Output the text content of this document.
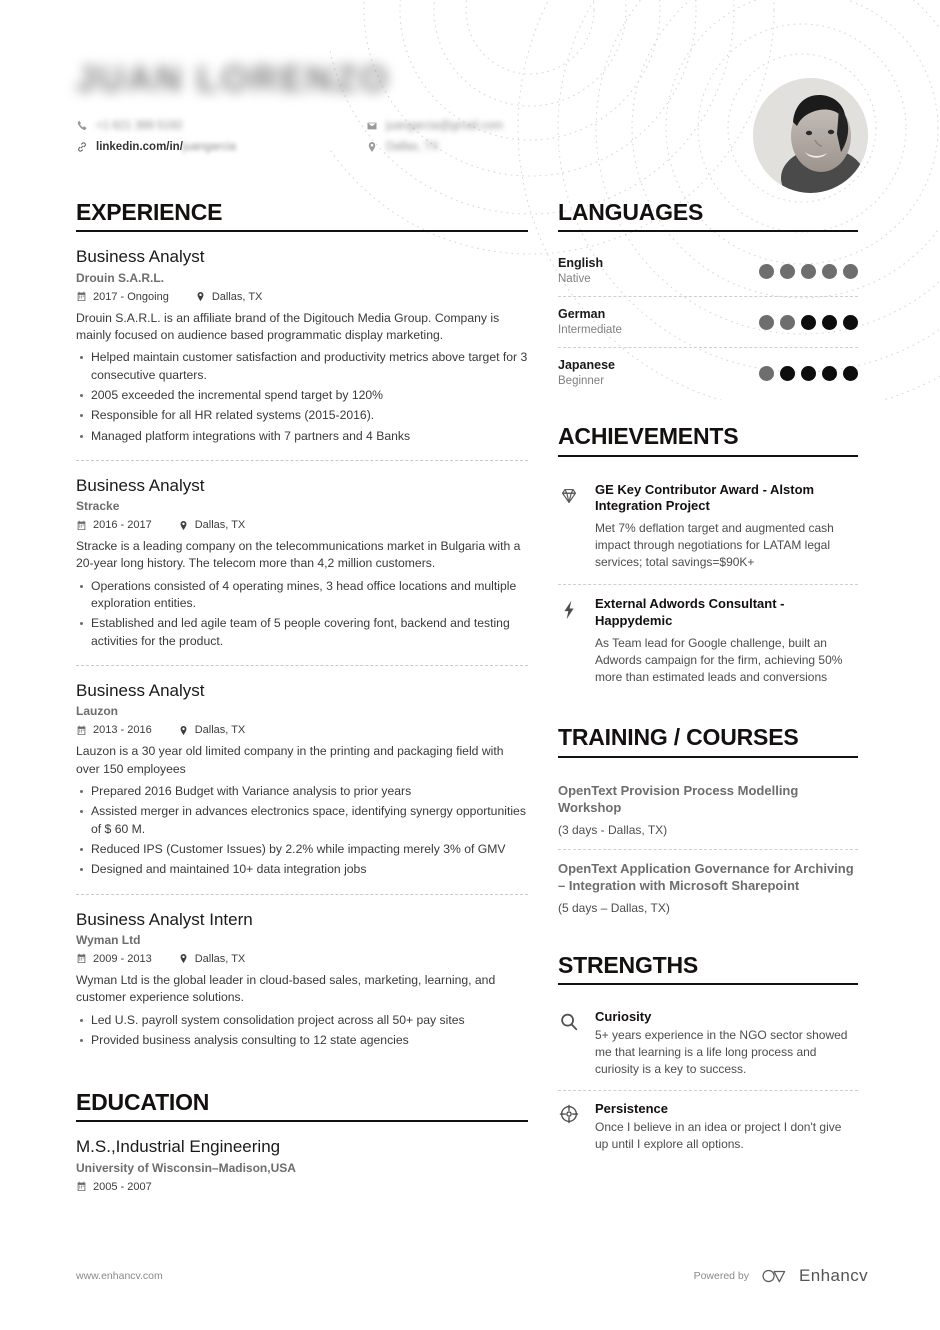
JUAN LORENZO
+1 621 389 5192	juangarcia@gmail.com
linkedin.com/in/ juangarcia	Dallas, TX
EXPERIENCE
Business Analyst
Drouin S.A.R.L.
2017 - Ongoing	Dallas, TX
Drouin S.A.R.L. is an affiliate brand of the Digitouch Media Group. Company is mainly focused on audience based programmatic display marketing.
Helped maintain customer satisfaction and productivity metrics above target for 3 consecutive quarters.
2005 exceeded the incremental spend target by 120%
Responsible for all HR related systems (2015-2016).
Managed platform integrations with 7 partners and 4 Banks
Business Analyst
Stracke
2016 - 2017	Dallas, TX
Stracke is a leading company on the telecommunications market in Bulgaria with a 20-year long history. The telecom more than 4,2 million customers.
Operations consisted of 4 operating mines, 3 head office locations and multiple exploration entities.
Established and led agile team of 5 people covering font, backend and testing activities for the product.
Business Analyst
Lauzon
2013 - 2016	Dallas, TX
Lauzon is a 30 year old limited company in the printing and packaging field with over 150 employees
Prepared 2016 Budget with Variance analysis to prior years
Assisted merger in advances electronics space, identifying synergy opportunities of $ 60 M.
Reduced IPS (Customer Issues) by 2.2% while impacting merely 3% of GMV
Designed and maintained 10+ data integration jobs
Business Analyst Intern
Wyman Ltd
2009 - 2013	Dallas, TX
Wyman Ltd is the global leader in cloud-based sales, marketing, learning, and customer experience solutions.
Led U.S. payroll system consolidation project across all 50+ pay sites
Provided business analysis consulting to 12 state agencies
EDUCATION
M.S.,Industrial Engineering
University of Wisconsin–Madison,USA
2005 - 2007
LANGUAGES
English
Native
German
Intermediate
Japanese
Beginner
ACHIEVEMENTS
GE Key Contributor Award - Alstom Integration Project
Met 7% deflation target and augmented cash impact through negotiations for LATAM legal services; total savings=$90K+
External Adwords Consultant - Happydemic
As Team lead for Google challenge, built an Adwords campaign for the firm, achieving 50% more than estimated leads and conversions
TRAINING / COURSES
OpenText Provision Process Modelling Workshop
(3 days - Dallas, TX)
OpenText Application Governance for Archiving – Integration with Microsoft Sharepoint
(5 days – Dallas, TX)
STRENGTHS
Curiosity
5+ years experience in the NGO sector showed me that learning is a life long process and curiosity is a key to success.
Persistence
Once I believe in an idea or project I don't give up until I explore all options.
www.enhancv.com	Powered by	Enhancv
